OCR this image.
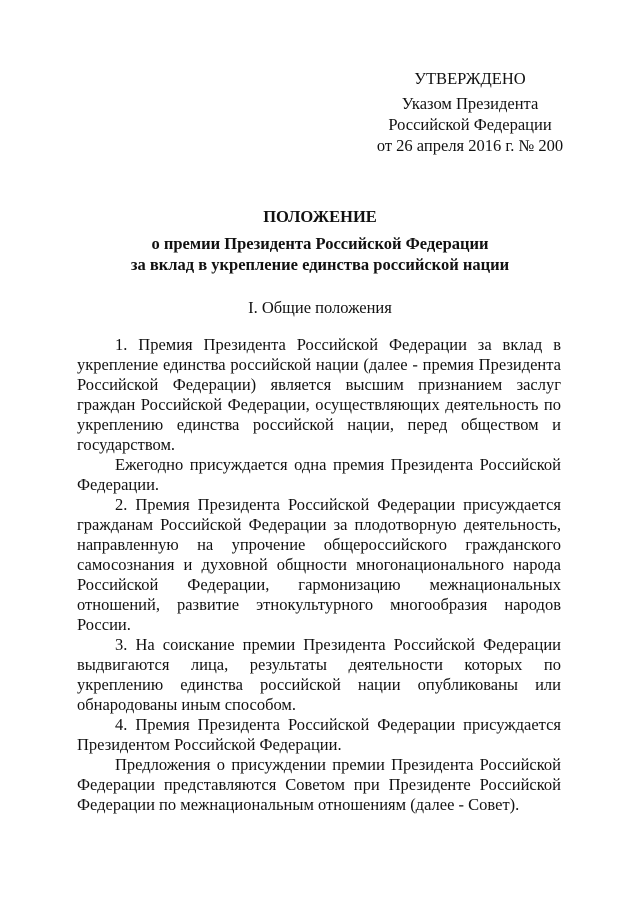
УТВЕРЖДЕНО
Указом Президента
Российской Федерации
от 26 апреля 2016 г. № 200
ПОЛОЖЕНИЕ
о премии Президента Российской Федерации
за вклад в укрепление единства российской нации
I. Общие положения

1. Премия Президента Российской Федерации за вклад в укрепление единства российской нации (далее - премия Президента Российской Федерации) является высшим признанием заслуг граждан Российской Федерации, осуществляющих деятельность по укреплению единства российской нации, перед обществом и государством.

Ежегодно присуждается одна премия Президента Российской Федерации.

2. Премия Президента Российской Федерации присуждается гражданам Российской Федерации за плодотворную деятельность, направленную на упрочение общероссийского гражданского самосознания и духовной общности многонационального народа Российской Федерации, гармонизацию межнациональных отношений, развитие этнокультурного многообразия народов России.

3. На соискание премии Президента Российской Федерации выдвигаются лица, результаты деятельности которых по укреплению единства российской нации опубликованы или обнародованы иным способом.

4. Премия Президента Российской Федерации присуждается Президентом Российской Федерации.

Предложения о присуждении премии Президента Российской Федерации представляются Советом при Президенте Российской Федерации по межнациональным отношениям (далее - Совет).
